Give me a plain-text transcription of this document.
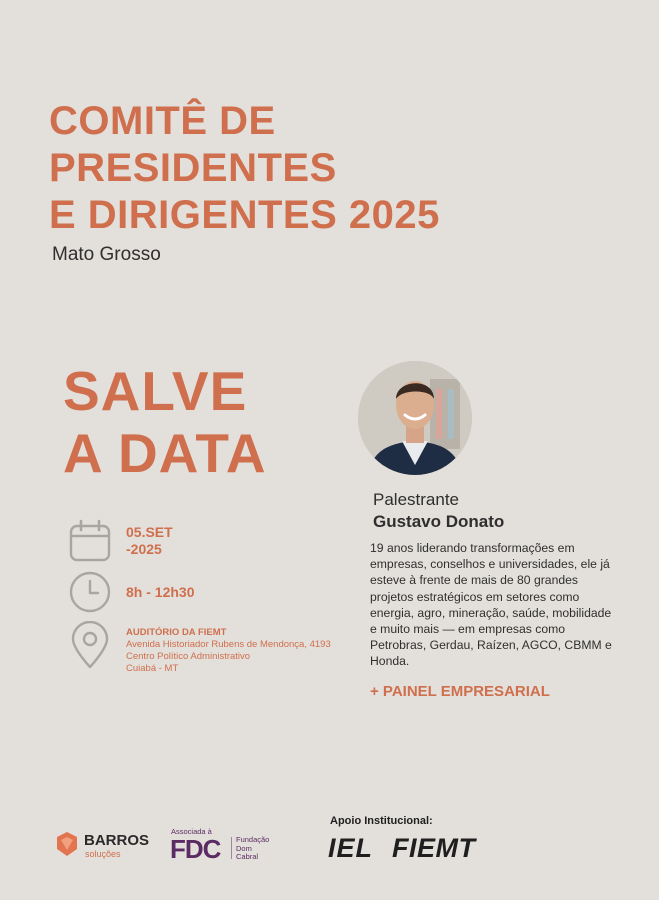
COMITÊ DE
PRESIDENTES
E DIRIGENTES 2025
Mato Grosso
SALVE
A DATA
05.SET
-2025
8h - 12h30
AUDITÓRIO DA FIEMT
Avenida Historiador Rubens de Mendonça, 4193
Centro Político Administrativo
Cuiabá - MT
Palestrante
Gustavo Donato
19 anos liderando transformações em empresas, conselhos e universidades, ele já esteve à frente de mais de 80 grandes projetos estratégicos em setores como energia, agro, mineração, saúde, mobilidade e muito mais — em empresas como Petrobras, Gerdau, Raízen, AGCO, CBMM e Honda.
+ PAINEL EMPRESARIAL
BARROS
soluções
Associada à
FDC Fundação
Dom
Cabral
Apoio Institucional:
IEL FIEMT
